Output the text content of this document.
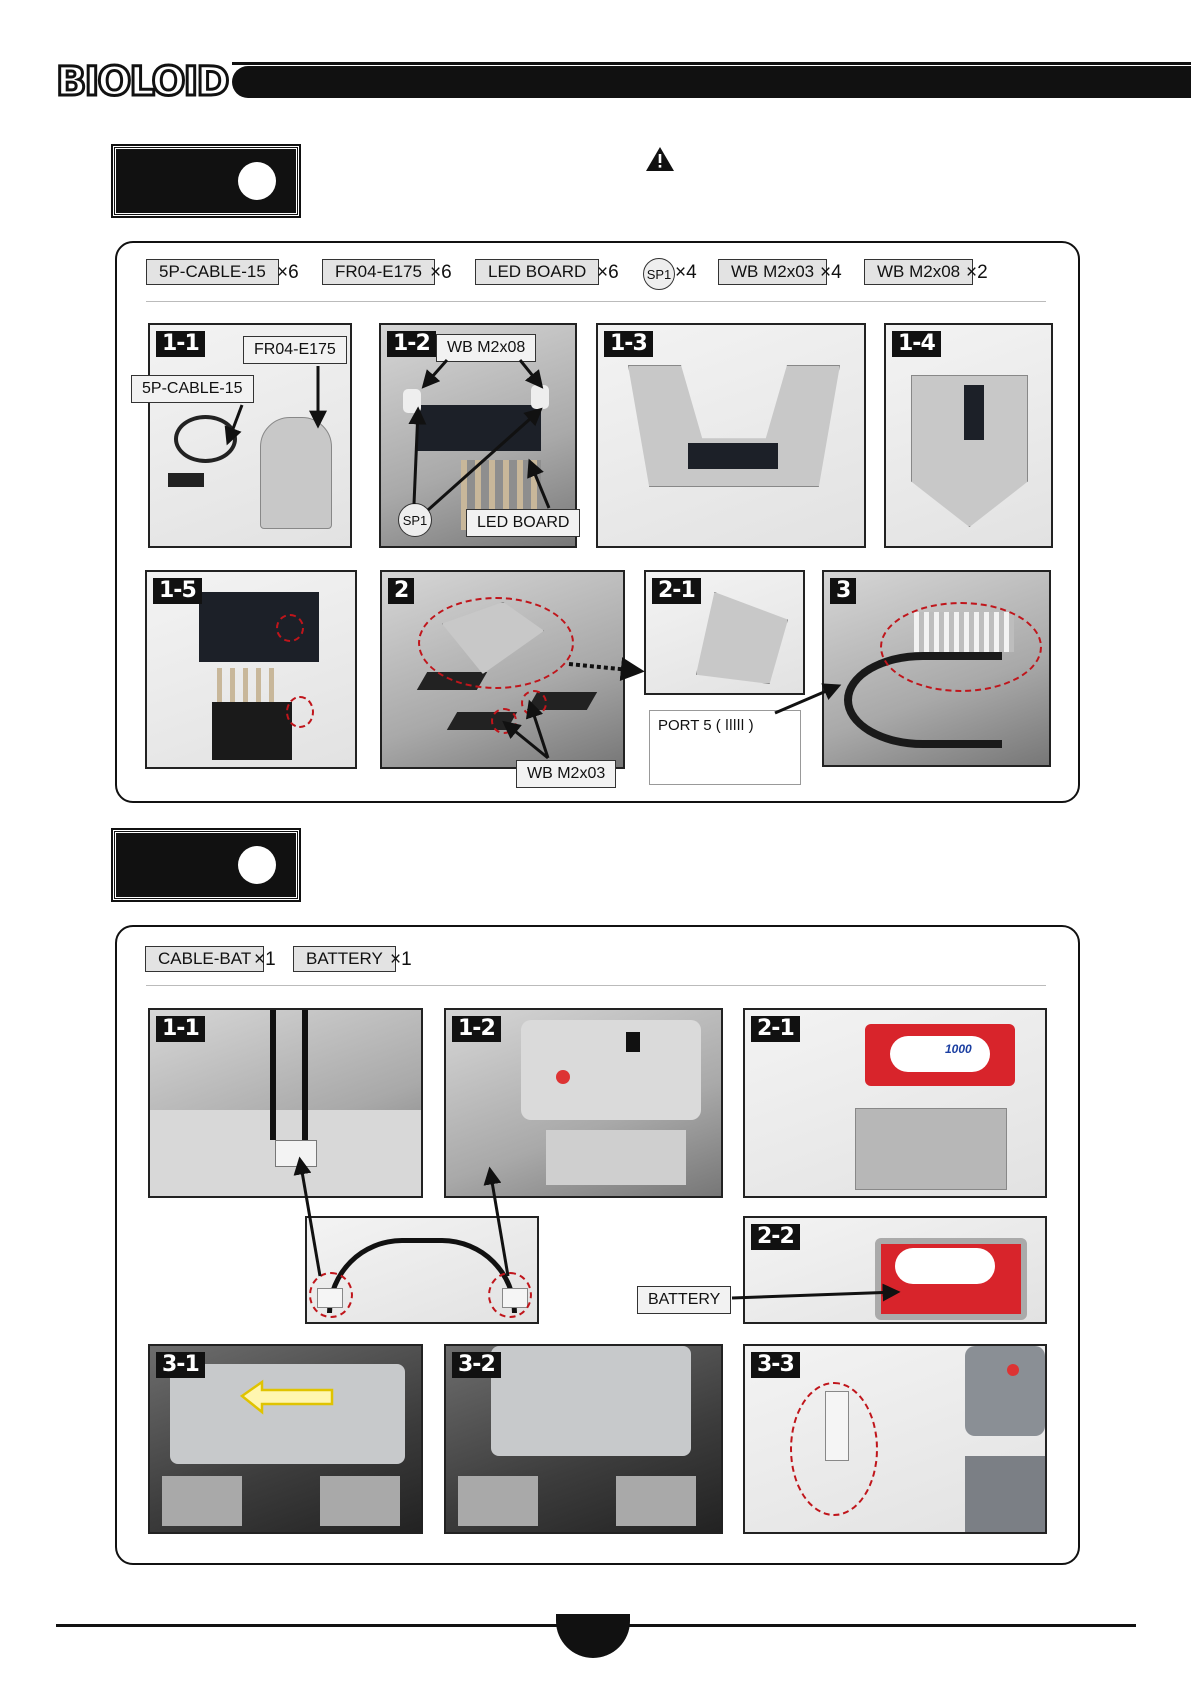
BIOLOID
5P-CABLE-15 ×6	FR04-E175 ×6	LED BOARD ×6 SP1 ×4	WB M2x03 ×4	WB M2x08 ×2
1-1	1-2	1-3	1-4
1-5	2	2-1
PORT 5 ( ǀǀǀǀǀ )
3
FR04-E175
5P-CABLE-15
WB M2x08
SP1	LED BOARD
WB M2x03
CABLE-BAT ×1	BATTERY ×1
1-1	1-2
1000
2-1
2-2
BATTERY
3-1	3-2	3-3
